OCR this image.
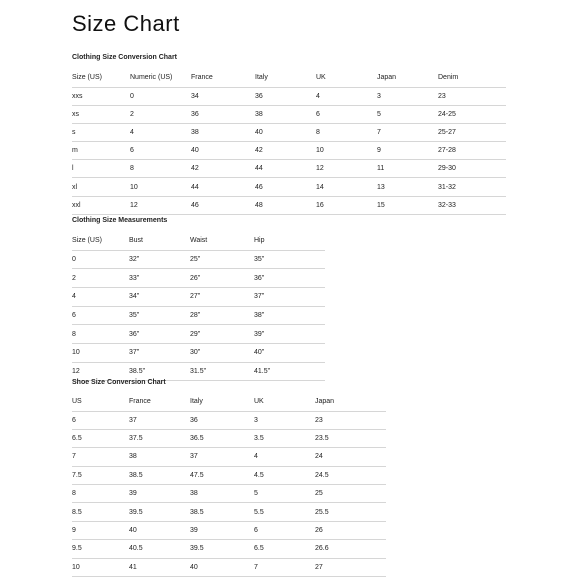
Size Chart
Clothing Size Conversion Chart
Size (US)	Numeric (US)	France	Italy	UK	Japan	Denim
xxs	0	34	36	4	3	23
xs	2	36	38	6	5	24-25
s	4	38	40	8	7	25-27
m	6	40	42	10	9	27-28
l	8	42	44	12	11	29-30
xl	10	44	46	14	13	31-32
xxl	12	46	48	16	15	32-33
Clothing Size Measurements
Size (US)	Bust	Waist	Hip
0	32”	25”	35”
2	33”	26”	36”
4	34”	27”	37”
6	35”	28”	38”
8	36”	29”	39”
10	37”	30”	40”
12	38.5”	31.5”	41.5”
Shoe Size Conversion Chart
US	France	Italy	UK	Japan
6	37	36	3	23
6.5	37.5	36.5	3.5	23.5
7	38	37	4	24
7.5	38.5	47.5	4.5	24.5
8	39	38	5	25
8.5	39.5	38.5	5.5	25.5
9	40	39	6	26
9.5	40.5	39.5	6.5	26.6
10	41	40	7	27
